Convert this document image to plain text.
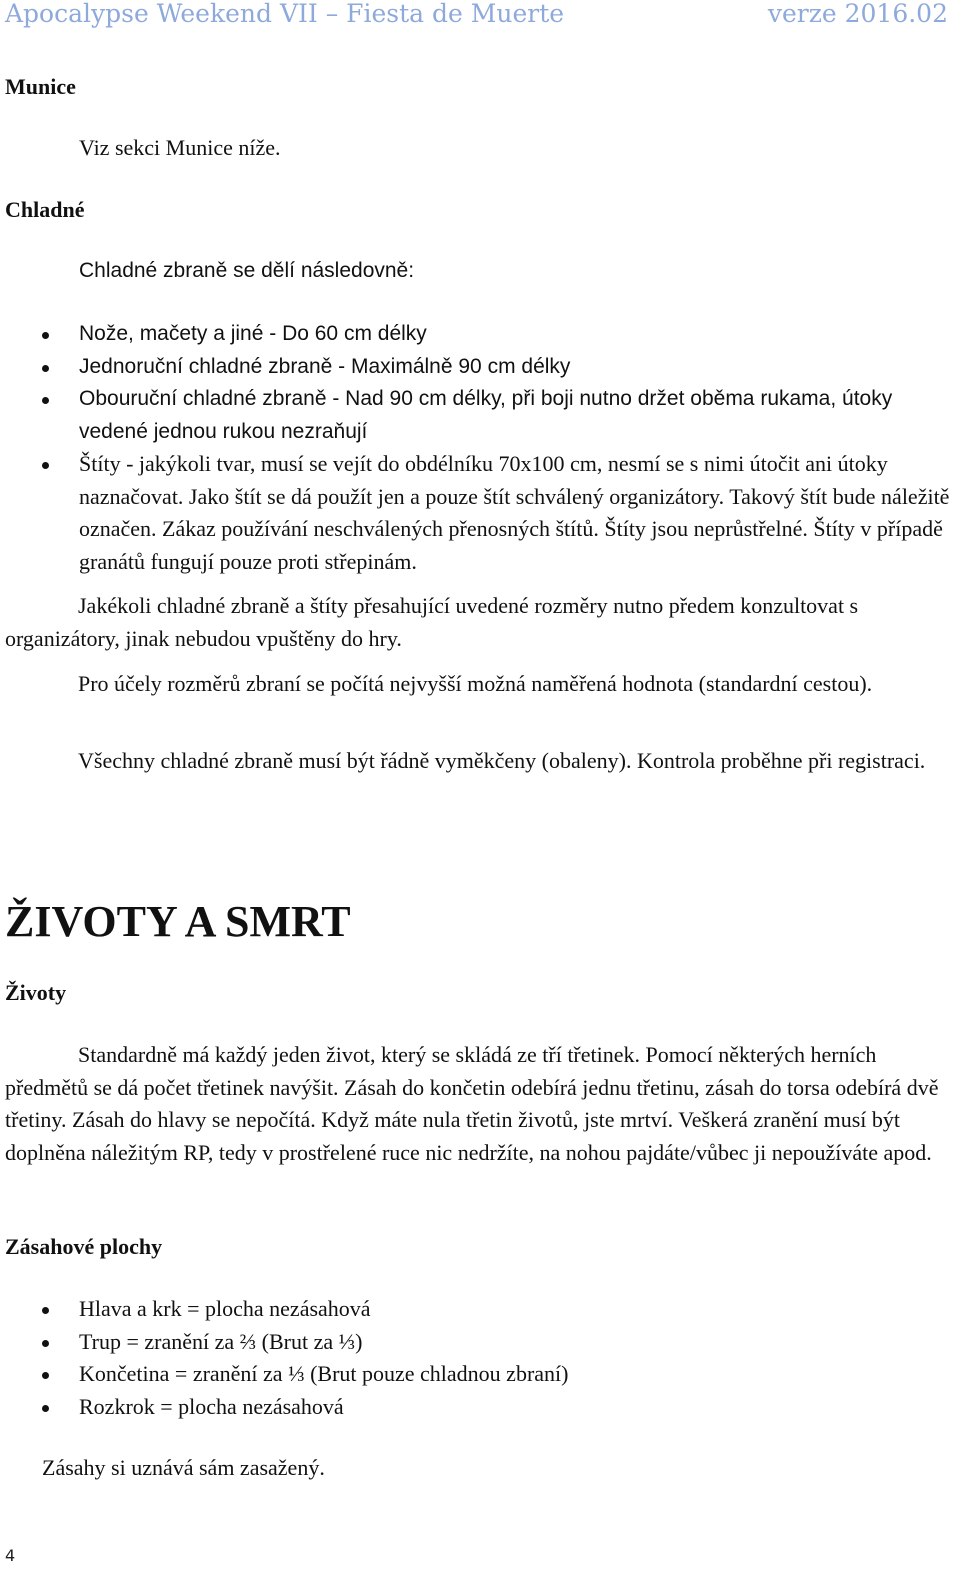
Apocalypse Weekend VII – Fiesta de Muerte	verze 2016.02
Munice
Viz sekci Munice níže.
Chladné
Chladné zbraně se dělí následovně:
Nože, mačety a jiné - Do 60 cm délky
Jednoruční chladné zbraně - Maximálně 90 cm délky
Obouruční chladné zbraně - Nad 90 cm délky, při boji nutno držet oběma rukama, útoky vedené jednou rukou nezraňují
Štíty - jakýkoli tvar, musí se vejít do obdélníku 70x100 cm, nesmí se s nimi útočit ani útoky naznačovat. Jako štít se dá použít jen a pouze štít schválený organizátory. Takový štít bude náležitě označen. Zákaz používání neschválených přenosných štítů. Štíty jsou neprůstřelné. Štíty v případě granátů fungují pouze proti střepinám.
Jakékoli chladné zbraně a štíty přesahující uvedené rozměry nutno předem konzultovat s organizátory, jinak nebudou vpuštěny do hry.
Pro účely rozměrů zbraní se počítá nejvyšší možná naměřená hodnota (standardní cestou).
Všechny chladné zbraně musí být řádně vyměkčeny (obaleny). Kontrola proběhne při registraci.
ŽIVOTY A SMRT
Životy
Standardně má každý jeden život, který se skládá ze tří třetinek. Pomocí některých herních předmětů se dá počet třetinek navýšit. Zásah do končetin odebírá jednu třetinu, zásah do torsa odebírá dvě třetiny. Zásah do hlavy se nepočítá. Když máte nula třetin životů, jste mrtví. Veškerá zranění musí být doplněna náležitým RP, tedy v prostřelené ruce nic nedržíte, na nohou pajdáte/vůbec ji nepoužíváte apod.
Zásahové plochy
Hlava a krk = plocha nezásahová
Trup = zranění za ⅔ (Brut za ⅓)
Končetina = zranění za ⅓ (Brut pouze chladnou zbraní)
Rozkrok = plocha nezásahová
Zásahy si uznává sám zasažený.
4
